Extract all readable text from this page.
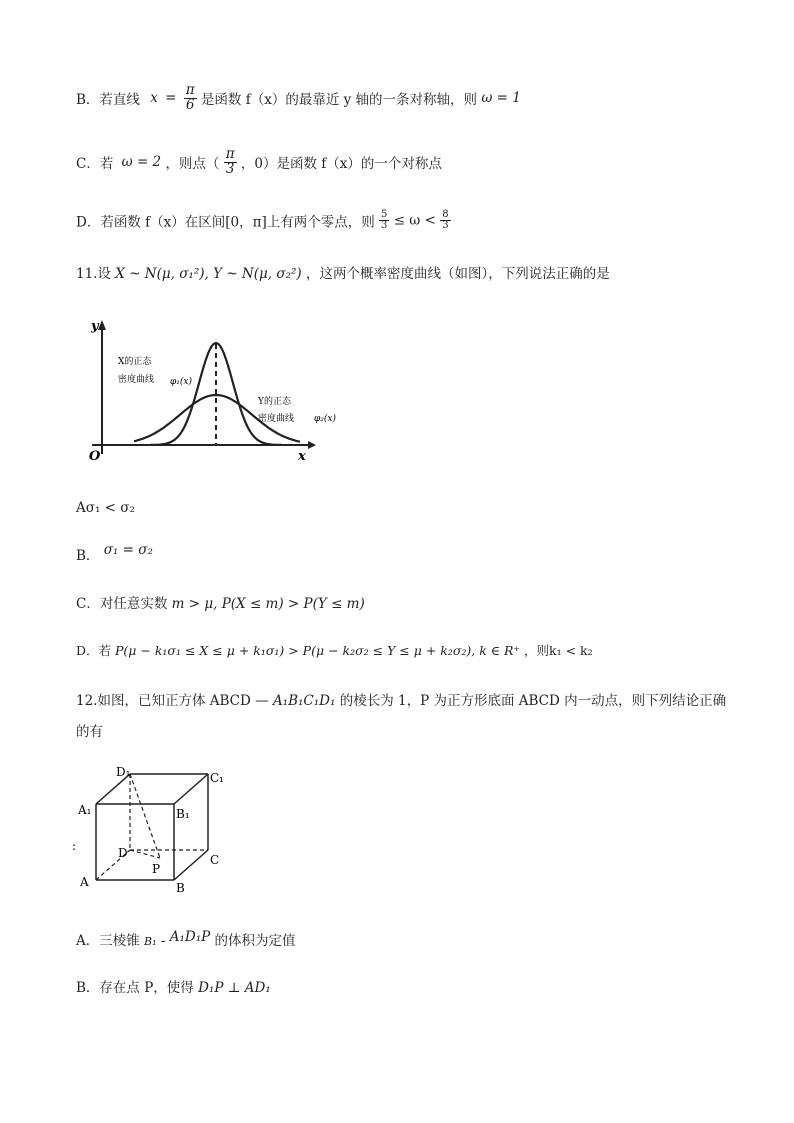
B．若直线 $x = \frac{\pi}{6}$ 是函数 f（x）的最靠近 y 轴的一条对称轴，则 ω = 1
C．若 ω = 2 ，则点（ $\frac{\pi}{3}$ ，0）是函数 f（x）的一个对称点
D．若函数 f（x）在区间[0，π]上有两个零点，则 $\frac{5}{3} \le \omega < \frac{8}{3}$
11.设 X ~ N(μ, σ₁²), Y ~ N(μ, σ₂²) ，这两个概率密度曲线（如图），下列说法正确的是
y
x
O
X的正态
密度曲线 φ₁(x)
Y的正态
密度曲线 φ₂(x)
Aσ₁ < σ₂
B． σ₁ = σ₂
C．对任意实数 m > μ, P(X ≤ m) > P(Y ≤ m)
D．若 P(μ − k₁σ₁ ≤ X ≤ μ + k₁σ₁) > P(μ − k₂σ₂ ≤ Y ≤ μ + k₂σ₂), k ∈ R⁺ ，则k₁ < k₂
12.如图，已知正方体 ABCD — A₁B₁C₁D₁ 的棱长为 1，P 为正方形底面 ABCD 内一动点，则下列结论正确
的有
D₁	C₁
A₁	B₁
D	C
P
A	B
:
A．三棱锥 B₁ - A₁D₁P 的体积为定值
B．存在点 P，使得 D₁P ⊥ AD₁
